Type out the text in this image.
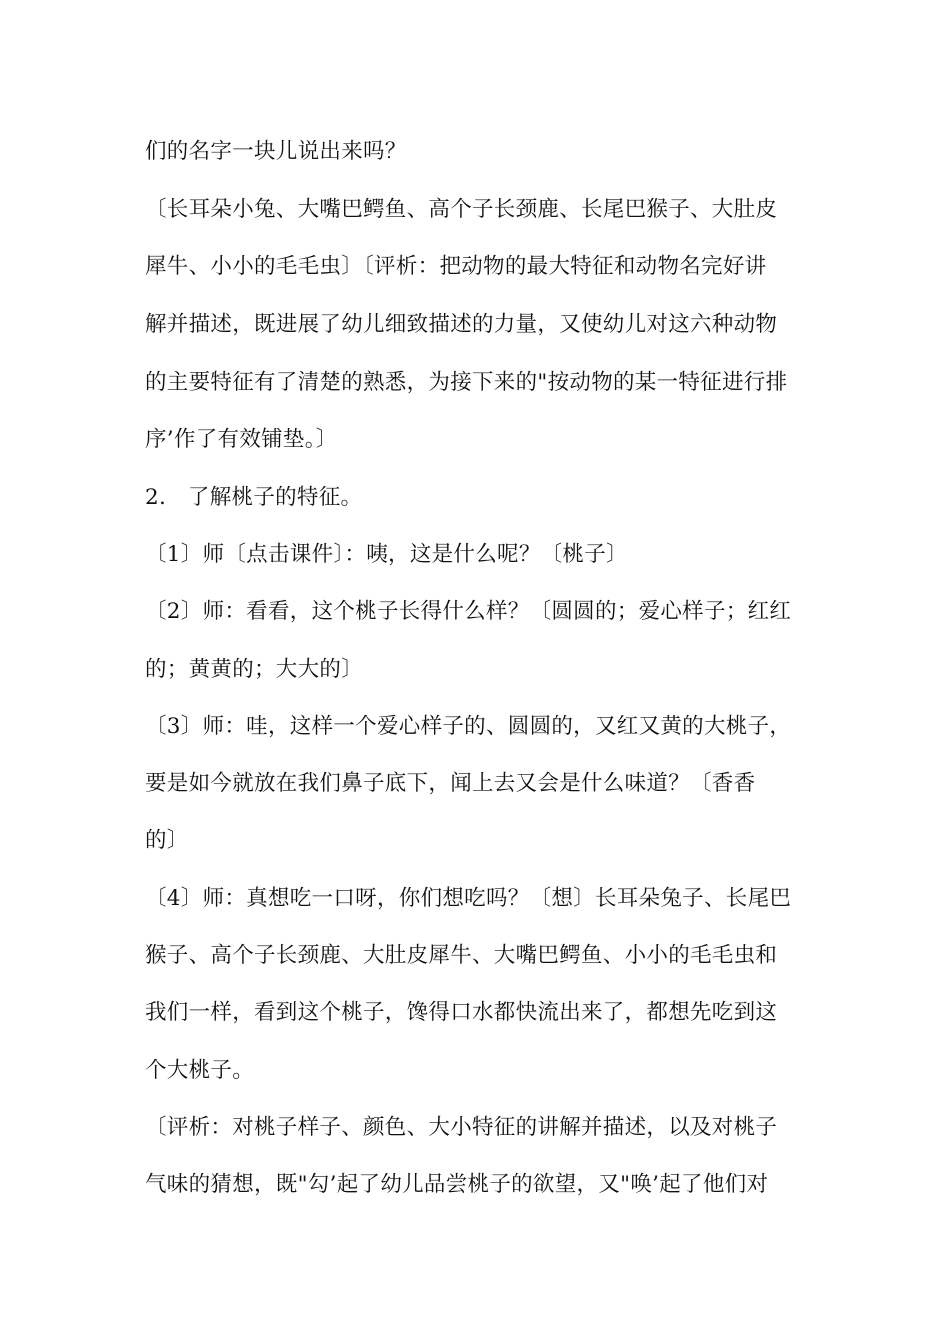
们的名字一块儿说出来吗？

〔长耳朵小兔、大嘴巴鳄鱼、高个子长颈鹿、长尾巴猴子、大肚皮

犀牛、小小的毛毛虫〕〔评析：把动物的最大特征和动物名完好讲

解并描述，既进展了幼儿细致描述的力量，又使幼儿对这六种动物

的主要特征有了清楚的熟悉，为接下来的"按动物的某一特征进行排

序’作了有效铺垫。〕

2.　了解桃子的特征。

〔1〕师〔点击课件〕：咦，这是什么呢？〔桃子〕

〔2〕师：看看，这个桃子长得什么样？〔圆圆的；爱心样子；红红

的；黄黄的；大大的〕

〔3〕师：哇，这样一个爱心样子的、圆圆的，又红又黄的大桃子，

要是如今就放在我们鼻子底下，闻上去又会是什么味道？〔香香

的〕

〔4〕师：真想吃一口呀，你们想吃吗？〔想〕长耳朵兔子、长尾巴

猴子、高个子长颈鹿、大肚皮犀牛、大嘴巴鳄鱼、小小的毛毛虫和

我们一样，看到这个桃子，馋得口水都快流出来了，都想先吃到这

个大桃子。

〔评析：对桃子样子、颜色、大小特征的讲解并描述，以及对桃子

气味的猜想，既"勾’起了幼儿品尝桃子的欲望，又"唤’起了他们对
